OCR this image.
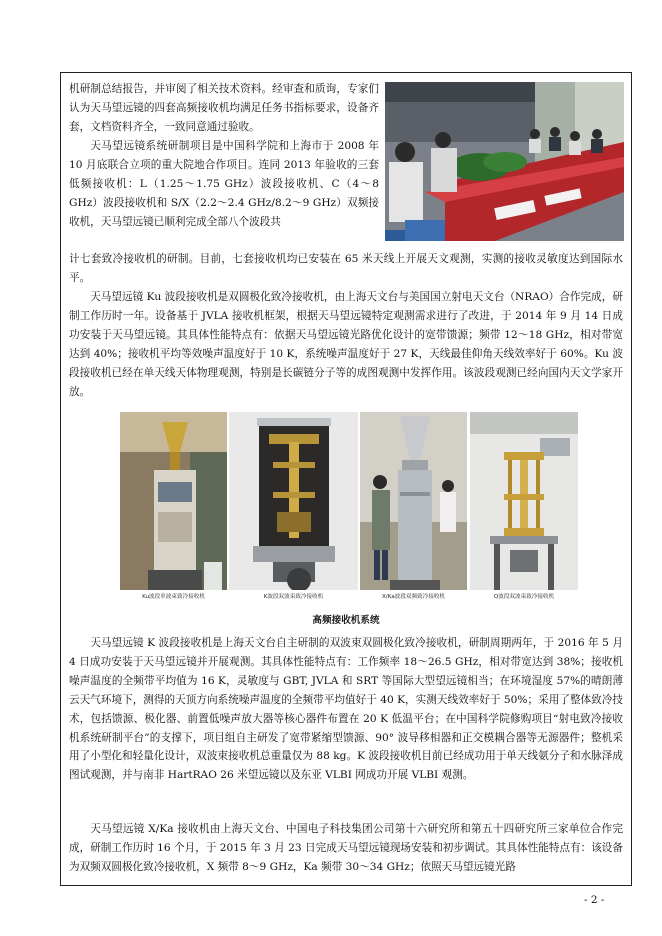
机研制总结报告，并审阅了相关技术资料。经审查和质询，专家们认为天马望远镜的四套高频接收机均满足任务书指标要求，设备齐套，文档资料齐全，一致同意通过验收。

天马望远镜系统研制项目是中国科学院和上海市于 2008 年 10 月底联合立项的重大院地合作项目。连同 2013 年验收的三套低频接收机：L（1.25～1.75 GHz）波段接收机、C（4～8 GHz）波段接收机和 S/X（2.2～2.4 GHz/8.2～9 GHz）双频接收机，天马望远镜已顺利完成全部八个波段共

计七套致冷接收机的研制。目前，七套接收机均已安装在 65 米天线上开展天文观测，实测的接收灵敏度达到国际水平。

天马望远镜 Ku 波段接收机是双圆极化致冷接收机，由上海天文台与美国国立射电天文台（NRAO）合作完成，研制工作历时一年。设备基于 JVLA 接收机框架，根据天马望远镜特定观测需求进行了改进，于 2014 年 9 月 14 日成功安装于天马望远镜。其具体性能特点有：依据天马望远镜光路优化设计的宽带馈源；频带 12～18 GHz，相对带宽达到 40%；接收机平均等效噪声温度好于 10 K，系统噪声温度好于 27 K，天线最佳仰角天线效率好于 60%。Ku 波段接收机已经在单天线天体物理观测，特别是长碳链分子等的成图观测中发挥作用。该波段观测已经向国内天文学家开放。

Ku波段单波束致冷接收机	K波段双波束致冷接收机	X/Ka波段双频致冷接收机	Q波段双波束致冷接收机
高频接收机系统

天马望远镜 K 波段接收机是上海天文台自主研制的双波束双圆极化致冷接收机，研制周期两年，于 2016 年 5 月 4 日成功安装于天马望远镜并开展观测。其具体性能特点有：工作频率 18～26.5 GHz，相对带宽达到 38%；接收机噪声温度的全频带平均值为 16 K，灵敏度与 GBT, JVLA 和 SRT 等国际大型望远镜相当；在环境湿度 57%的晴朗薄云天气环境下，测得的天顶方向系统噪声温度的全频带平均值好于 40 K，实测天线效率好于 50%；采用了整体致冷技术，包括馈源、极化器、前置低噪声放大器等核心器件布置在 20 K 低温平台；在中国科学院修购项目“射电致冷接收机系统研制平台”的支撑下，项目组自主研发了宽带紧缩型馈源、90° 波导移相器和正交模耦合器等无源器件；整机采用了小型化和轻量化设计，双波束接收机总重量仅为 88 kg。K 波段接收机目前已经成功用于单天线氨分子和水脉泽成图试观测，并与南非 HartRAO 26 米望远镜以及东亚 VLBI 网成功开展 VLBI 观测。

天马望远镜 X/Ka 接收机由上海天文台、中国电子科技集团公司第十六研究所和第五十四研究所三家单位合作完成，研制工作历时 16 个月，于 2015 年 3 月 23 日完成天马望远镜现场安装和初步调试。其具体性能特点有：该设备为双频双圆极化致冷接收机，X 频带 8～9 GHz，Ka 频带 30～34 GHz；依照天马望远镜光路

- 2 -
